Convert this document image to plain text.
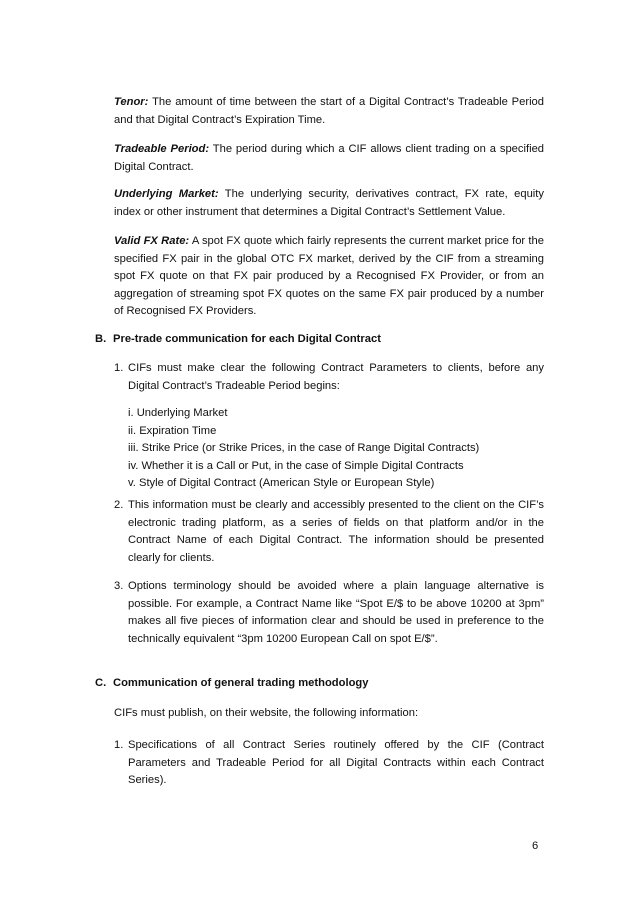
Tenor: The amount of time between the start of a Digital Contract’s Tradeable Period and that Digital Contract’s Expiration Time.

Tradeable Period: The period during which a CIF allows client trading on a specified Digital Contract.

Underlying Market: The underlying security, derivatives contract, FX rate, equity index or other instrument that determines a Digital Contract’s Settlement Value.

Valid FX Rate: A spot FX quote which fairly represents the current market price for the specified FX pair in the global OTC FX market, derived by the CIF from a streaming spot FX quote on that FX pair produced by a Recognised FX Provider, or from an aggregation of streaming spot FX quotes on the same FX pair produced by a number of Recognised FX Providers.

B. Pre-trade communication for each Digital Contract

1. CIFs must make clear the following Contract Parameters to clients, before any Digital Contract’s Tradeable Period begins:

i. Underlying Market
ii. Expiration Time
iii. Strike Price (or Strike Prices, in the case of Range Digital Contracts)
iv. Whether it is a Call or Put, in the case of Simple Digital Contracts
v. Style of Digital Contract (American Style or European Style)

2. This information must be clearly and accessibly presented to the client on the CIF’s electronic trading platform, as a series of fields on that platform and/or in the Contract Name of each Digital Contract. The information should be presented clearly for clients.

3. Options terminology should be avoided where a plain language alternative is possible. For example, a Contract Name like “Spot E/$ to be above 10200 at 3pm” makes all five pieces of information clear and should be used in preference to the technically equivalent “3pm 10200 European Call on spot E/$”.

C. Communication of general trading methodology

CIFs must publish, on their website, the following information:

1. Specifications of all Contract Series routinely offered by the CIF (Contract Parameters and Tradeable Period for all Digital Contracts within each Contract Series).

6
